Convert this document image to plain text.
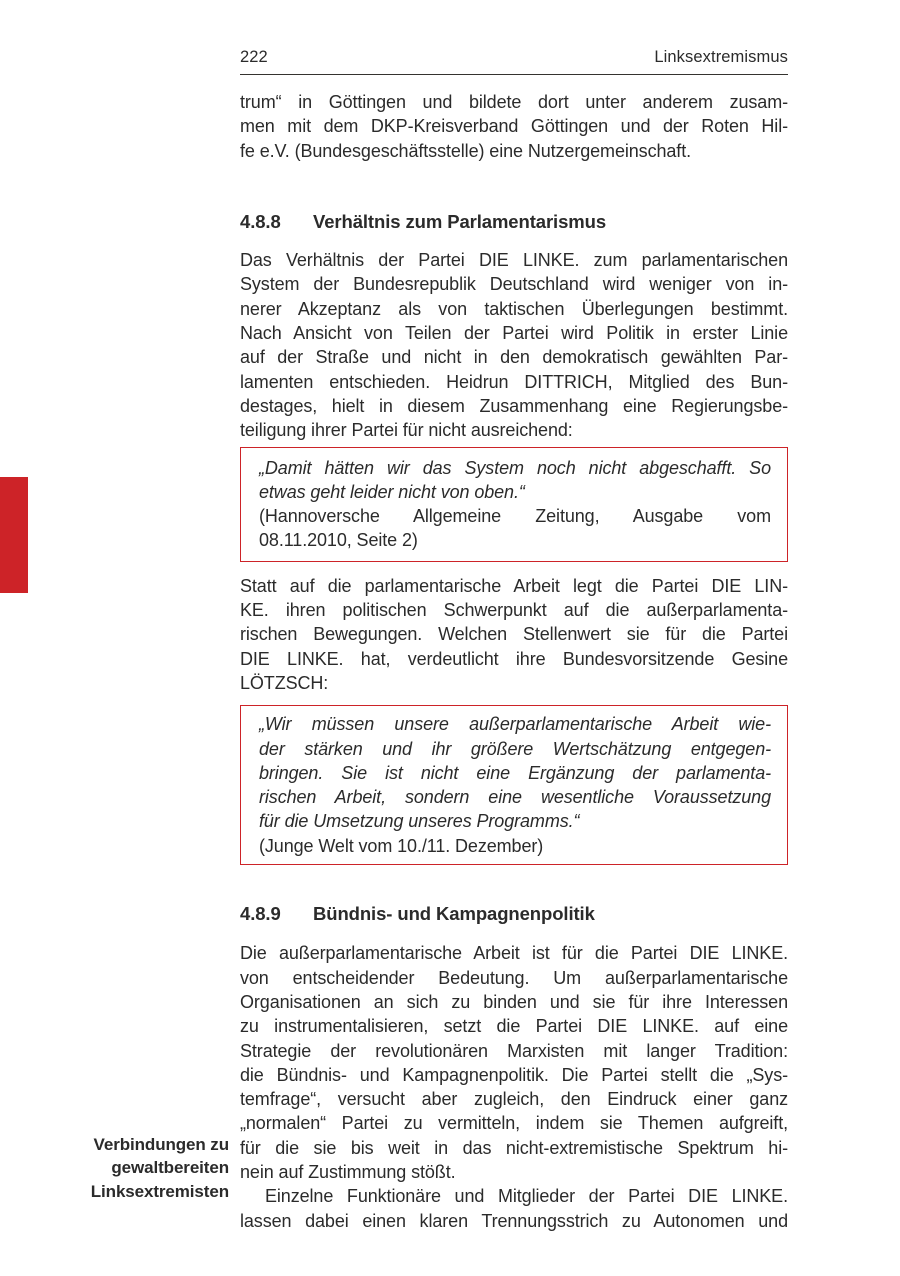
Verbindungen zu
gewaltbereiten
Linksextremisten
222	Linksextremismus
trum“ in Göttingen und bildete dort unter anderem zusam-
men mit dem DKP-Kreisverband Göttingen und der Roten Hil-
fe e.V. (Bundesgeschäftsstelle) eine Nutzergemeinschaft.
4.8.8	Verhältnis zum Parlamentarismus
Das Verhältnis der Partei DIE LINKE. zum parlamentarischen
System der Bundesrepublik Deutschland wird weniger von in-
nerer Akzeptanz als von taktischen Überlegungen bestimmt.
Nach Ansicht von Teilen der Partei wird Politik in erster Linie
auf der Straße und nicht in den demokratisch gewählten Par-
lamenten entschieden. Heidrun DITTRICH, Mitglied des Bun-
destages, hielt in diesem Zusammenhang eine Regierungsbe-
teiligung ihrer Partei für nicht ausreichend:
„Damit hätten wir das System noch nicht abgeschafft. So
etwas geht leider nicht von oben.“
(Hannoversche Allgemeine Zeitung, Ausgabe vom
08.11.2010, Seite 2)
Statt auf die parlamentarische Arbeit legt die Partei DIE LIN-
KE. ihren politischen Schwerpunkt auf die außerparlamenta-
rischen Bewegungen. Welchen Stellenwert sie für die Partei
DIE LINKE. hat, verdeutlicht ihre Bundesvorsitzende Gesine
LÖTZSCH:
„Wir müssen unsere außerparlamentarische Arbeit wie-
der stärken und ihr größere Wertschätzung entgegen-
bringen. Sie ist nicht eine Ergänzung der parlamenta-
rischen Arbeit, sondern eine wesentliche Voraussetzung
für die Umsetzung unseres Programms.“
(Junge Welt vom 10./11. Dezember)
4.8.9	Bündnis- und Kampagnenpolitik
Die außerparlamentarische Arbeit ist für die Partei DIE LINKE.
von entscheidender Bedeutung. Um außerparlamentarische
Organisationen an sich zu binden und sie für ihre Interessen
zu instrumentalisieren, setzt die Partei DIE LINKE. auf eine
Strategie der revolutionären Marxisten mit langer Tradition:
die Bündnis- und Kampagnenpolitik. Die Partei stellt die „Sys-
temfrage“, versucht aber zugleich, den Eindruck einer ganz
„normalen“ Partei zu vermitteln, indem sie Themen aufgreift,
für die sie bis weit in das nicht-extremistische Spektrum hi-
nein auf Zustimmung stößt.
Einzelne Funktionäre und Mitglieder der Partei DIE LINKE.
lassen dabei einen klaren Trennungsstrich zu Autonomen und
